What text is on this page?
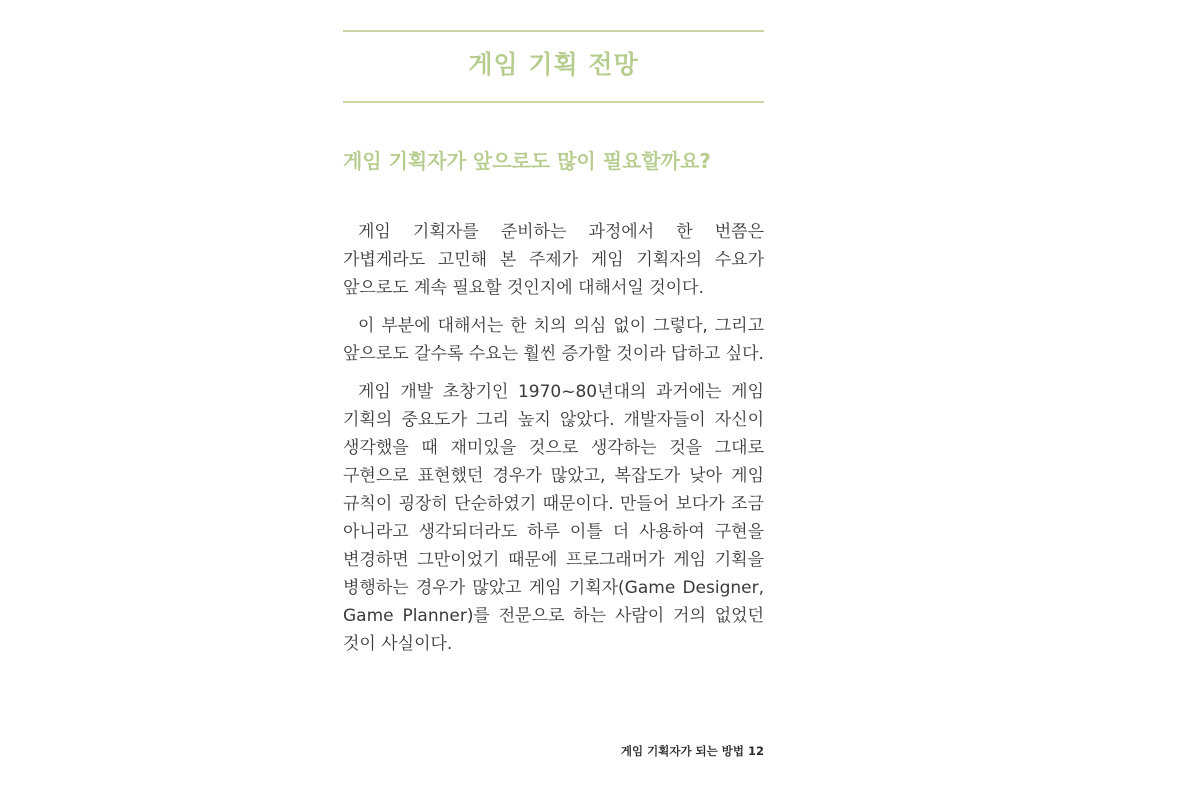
게임 기획 전망
게임 기획자가 앞으로도 많이 필요할까요?

게임 기획자를 준비하는 과정에서 한 번쯤은 가볍게라도 고민해 본 주제가 게임 기획자의 수요가 앞으로도 계속 필요할 것인지에 대해서일 것이다.

이 부분에 대해서는 한 치의 의심 없이 그렇다, 그리고 앞으로도 갈수록 수요는 훨씬 증가할 것이라 답하고 싶다.

게임 개발 초창기인 1970~80년대의 과거에는 게임 기획의 중요도가 그리 높지 않았다. 개발자들이 자신이 생각했을 때 재미있을 것으로 생각하는 것을 그대로 구현으로 표현했던 경우가 많았고, 복잡도가 낮아 게임 규칙이 굉장히 단순하였기 때문이다. 만들어 보다가 조금 아니라고 생각되더라도 하루 이틀 더 사용하여 구현을 변경하면 그만이었기 때문에 프로그래머가 게임 기획을 병행하는 경우가 많았고 게임 기획자(Game Designer, Game Planner)를 전문으로 하는 사람이 거의 없었던 것이 사실이다.

게임 기획자가 되는 방법 12
